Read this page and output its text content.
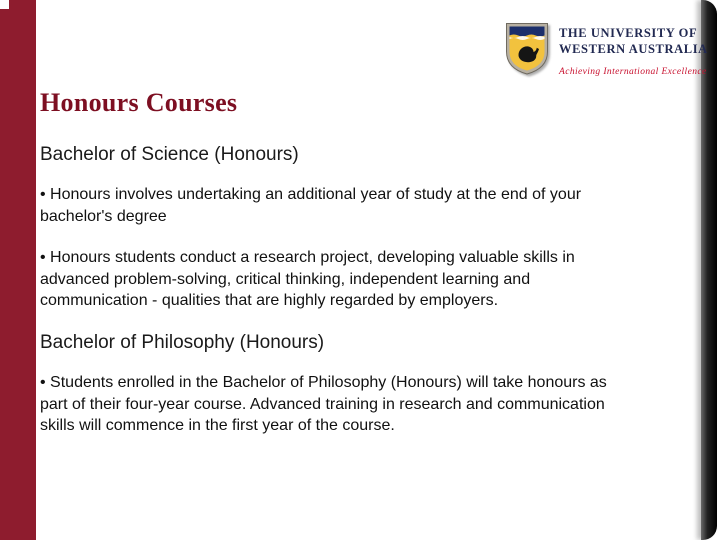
THE UNIVERSITY OF
WESTERN AUSTRALIA
Achieving International Excellence
Honours Courses
Bachelor of Science (Honours)

• Honours involves undertaking an additional year of study at the end of your bachelor's degree

• Honours students conduct a research project, developing valuable skills in advanced problem-solving, critical thinking, independent learning and communication - qualities that are highly regarded by employers.

Bachelor of Philosophy (Honours)

• Students enrolled in the Bachelor of Philosophy (Honours) will take honours as part of their four-year course. Advanced training in research and communication skills will commence in the first year of the course.
